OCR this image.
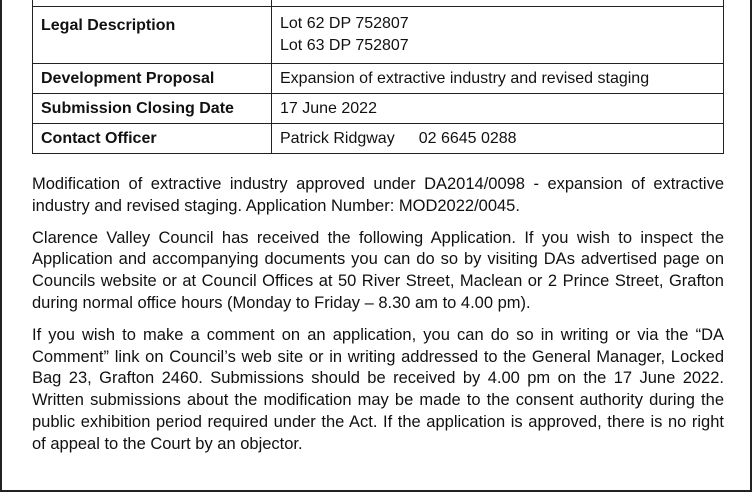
Legal Description	Lot 62 DP 752807
Lot 63 DP 752807

Development Proposal	Expansion of extractive industry and revised staging
Submission Closing Date	17 June 2022
Contact Officer	Patrick Ridgway 02 6645 0288

Modification of extractive industry approved under DA2014/0098 - expansion of extractive industry and revised staging. Application Number: MOD2022/0045.

Clarence Valley Council has received the following Application. If you wish to inspect the Application and accompanying documents you can do so by visiting DAs advertised page on Councils website or at Council Offices at 50 River Street, Maclean or 2 Prince Street, Grafton during normal office hours (Monday to Friday – 8.30 am to 4.00 pm).

If you wish to make a comment on an application, you can do so in writing or via the “DA Comment” link on Council’s web site or in writing addressed to the General Manager, Locked Bag 23, Grafton 2460. Submissions should be received by 4.00 pm on the 17 June 2022. Written submissions about the modification may be made to the consent authority during the public exhibition period required under the Act. If the application is approved, there is no right of appeal to the Court by an objector.
